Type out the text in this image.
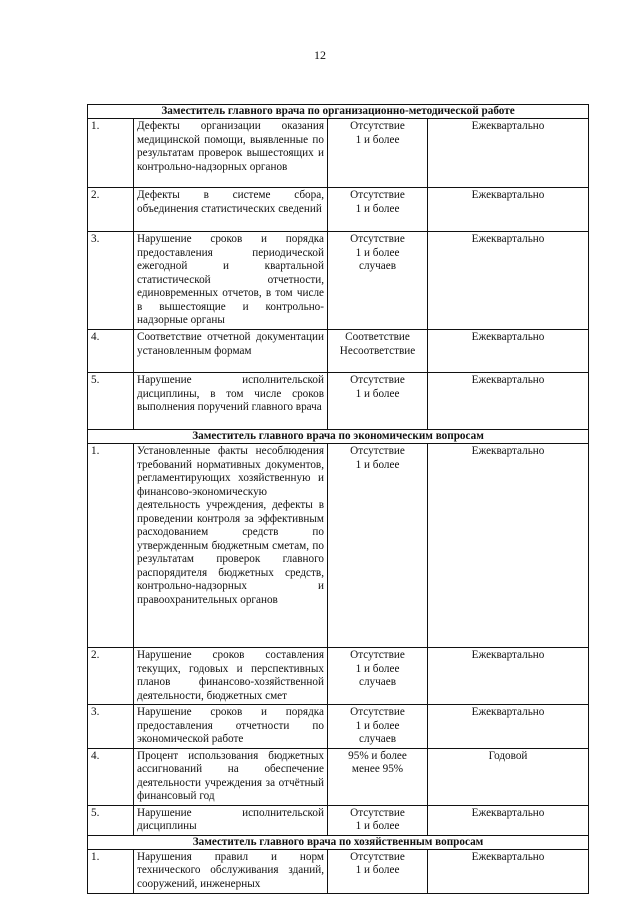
12
Заместитель главного врача по организационно-методической работе			
1.	Дефекты организации оказания медицинской помощи, выявленные по результатам проверок вышестоящих и контрольно-надзорных органов	Отсутствие
1 и более	Ежеквартально
2.	Дефекты в системе сбора, объединения статистических сведений	Отсутствие
1 и более	Ежеквартально
3.	Нарушение сроков и порядка предоставления периодической ежегодной и квартальной статистической отчетности, единовременных отчетов, в том числе в вышестоящие и контрольно-надзорные органы	Отсутствие
1 и более
случаев	Ежеквартально
4.	Соответствие отчетной документации установленным формам	Соответствие
Несоответствие	Ежеквартально
5.	Нарушение исполнительской дисциплины, в том числе сроков выполнения поручений главного врача	Отсутствие
1 и более	Ежеквартально
Заместитель главного врача по экономическим вопросам			
1.	Установленные факты несоблюдения требований нормативных документов, регламентирующих хозяйственную и финансово-экономическую деятельность учреждения, дефекты в проведении контроля за эффективным расходованием средств по утвержденным бюджетным сметам, по результатам проверок главного распорядителя бюджетных средств, контрольно-надзорных и правоохранительных органов	Отсутствие
1 и более	Ежеквартально
2.	Нарушение сроков составления текущих, годовых и перспективных планов финансово-хозяйственной деятельности, бюджетных смет	Отсутствие
1 и более
случаев	Ежеквартально
3.	Нарушение сроков и порядка предоставления отчетности по экономической работе	Отсутствие
1 и более
случаев	Ежеквартально
4.	Процент использования бюджетных ассигнований на обеспечение деятельности учреждения за отчётный финансовый год	95% и более
менее 95%	Годовой
5.	Нарушение исполнительской дисциплины	Отсутствие
1 и более	Ежеквартально
Заместитель главного врача по хозяйственным вопросам			
1.	Нарушения правил и норм технического обслуживания зданий, сооружений, инженерных	Отсутствие
1 и более	Ежеквартально
